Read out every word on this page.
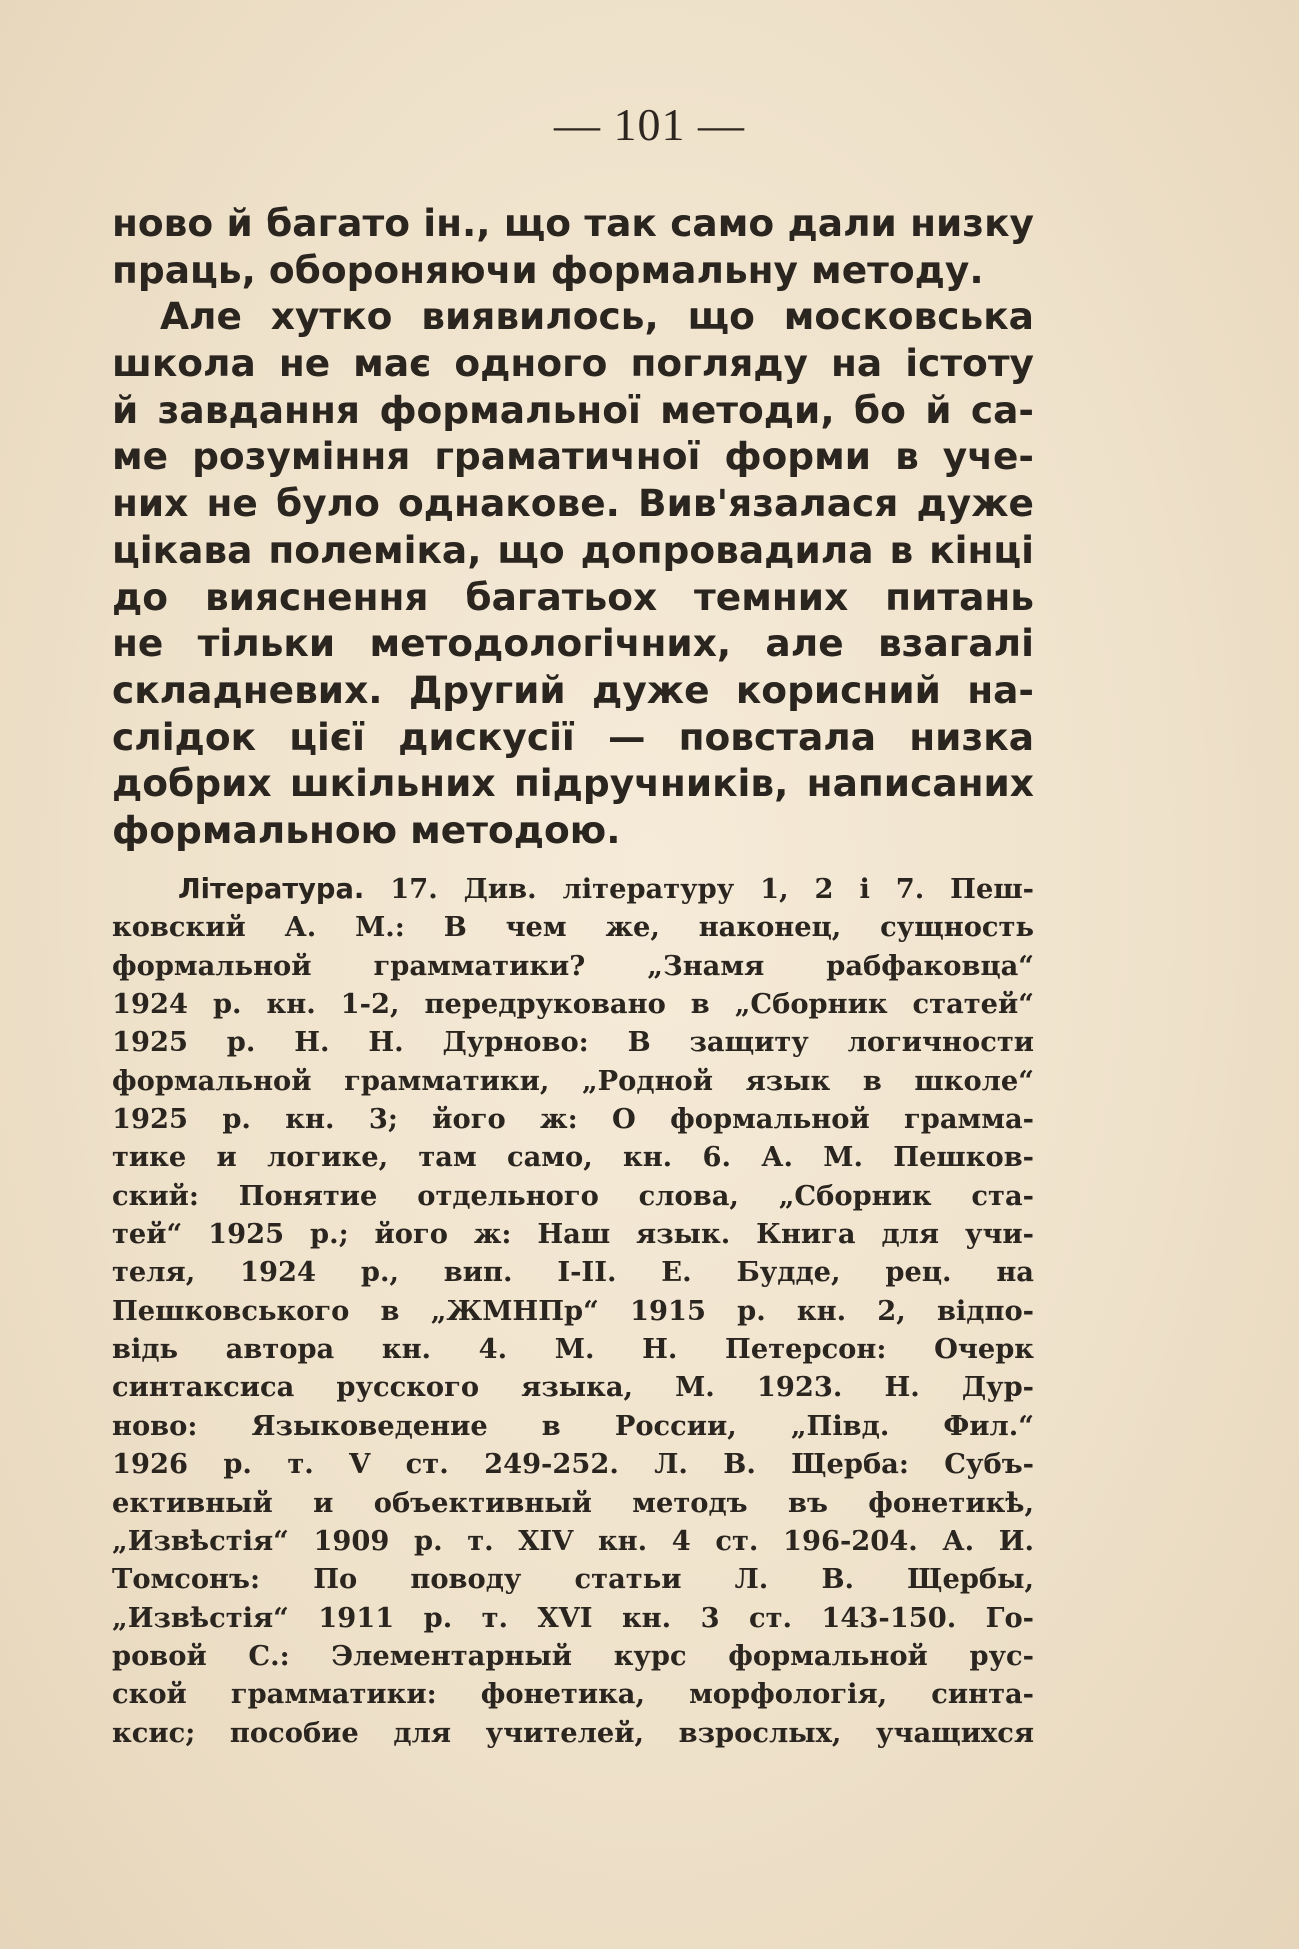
— 101 —
ново й багато ін., що так само дали низку
праць, обороняючи формальну методу.
Але хутко виявилось, що московська
школа не має одного погляду на істоту
й завдання формальної методи, бо й са-
ме розуміння граматичної форми в уче-
них не було однакове. Вив'язалася дуже
цікава полеміка, що допровадила в кінці
до вияснення багатьох темних питань
не тільки методологічних, але взагалі
складневих. Другий дуже корисний на-
слідок цієї дискусії — повстала низка
добрих шкільних підручників, написаних
формальною методою.
Література. 17. Див. літературу 1, 2 і 7. Пеш-
ковский А. М.: В чем же, наконец, сущность
формальной грамматики? „Знамя рабфаковца“
1924 р. кн. 1-2, передруковано в „Сборник статей“
1925 р. Н. Н. Дурново: В защиту логичности
формальной грамматики, „Родной язык в школе“
1925 р. кн. 3; його ж: О формальной грамма-
тике и логике, там само, кн. 6. А. М. Пешков-
ский: Понятие отдельного слова, „Сборник ста-
тей“ 1925 р.; його ж: Наш язык. Книга для учи-
теля, 1924 р., вип. I-II. Е. Будде, рец. на
Пешковського в „ЖМНПр“ 1915 р. кн. 2, відпо-
відь автора кн. 4. М. Н. Петерсон: Очерк
синтаксиса русского языка, М. 1923. Н. Дур-
ново: Языковедение в России, „Півд. Фил.“
1926 р. т. V ст. 249-252. Л. В. Щерба: Субъ-
ективный и объективный методъ въ фонетикѣ,
„Извѣстія“ 1909 р. т. XIV кн. 4 ст. 196-204. А. И.
Томсонъ: По поводу статьи Л. В. Щербы,
„Извѣстія“ 1911 р. т. XVI кн. 3 ст. 143-150. Го-
ровой С.: Элементарный курс формальной рус-
ской грамматики: фонетика, морфологія, синта-
ксис; пособие для учителей, взрослых, учащихся
